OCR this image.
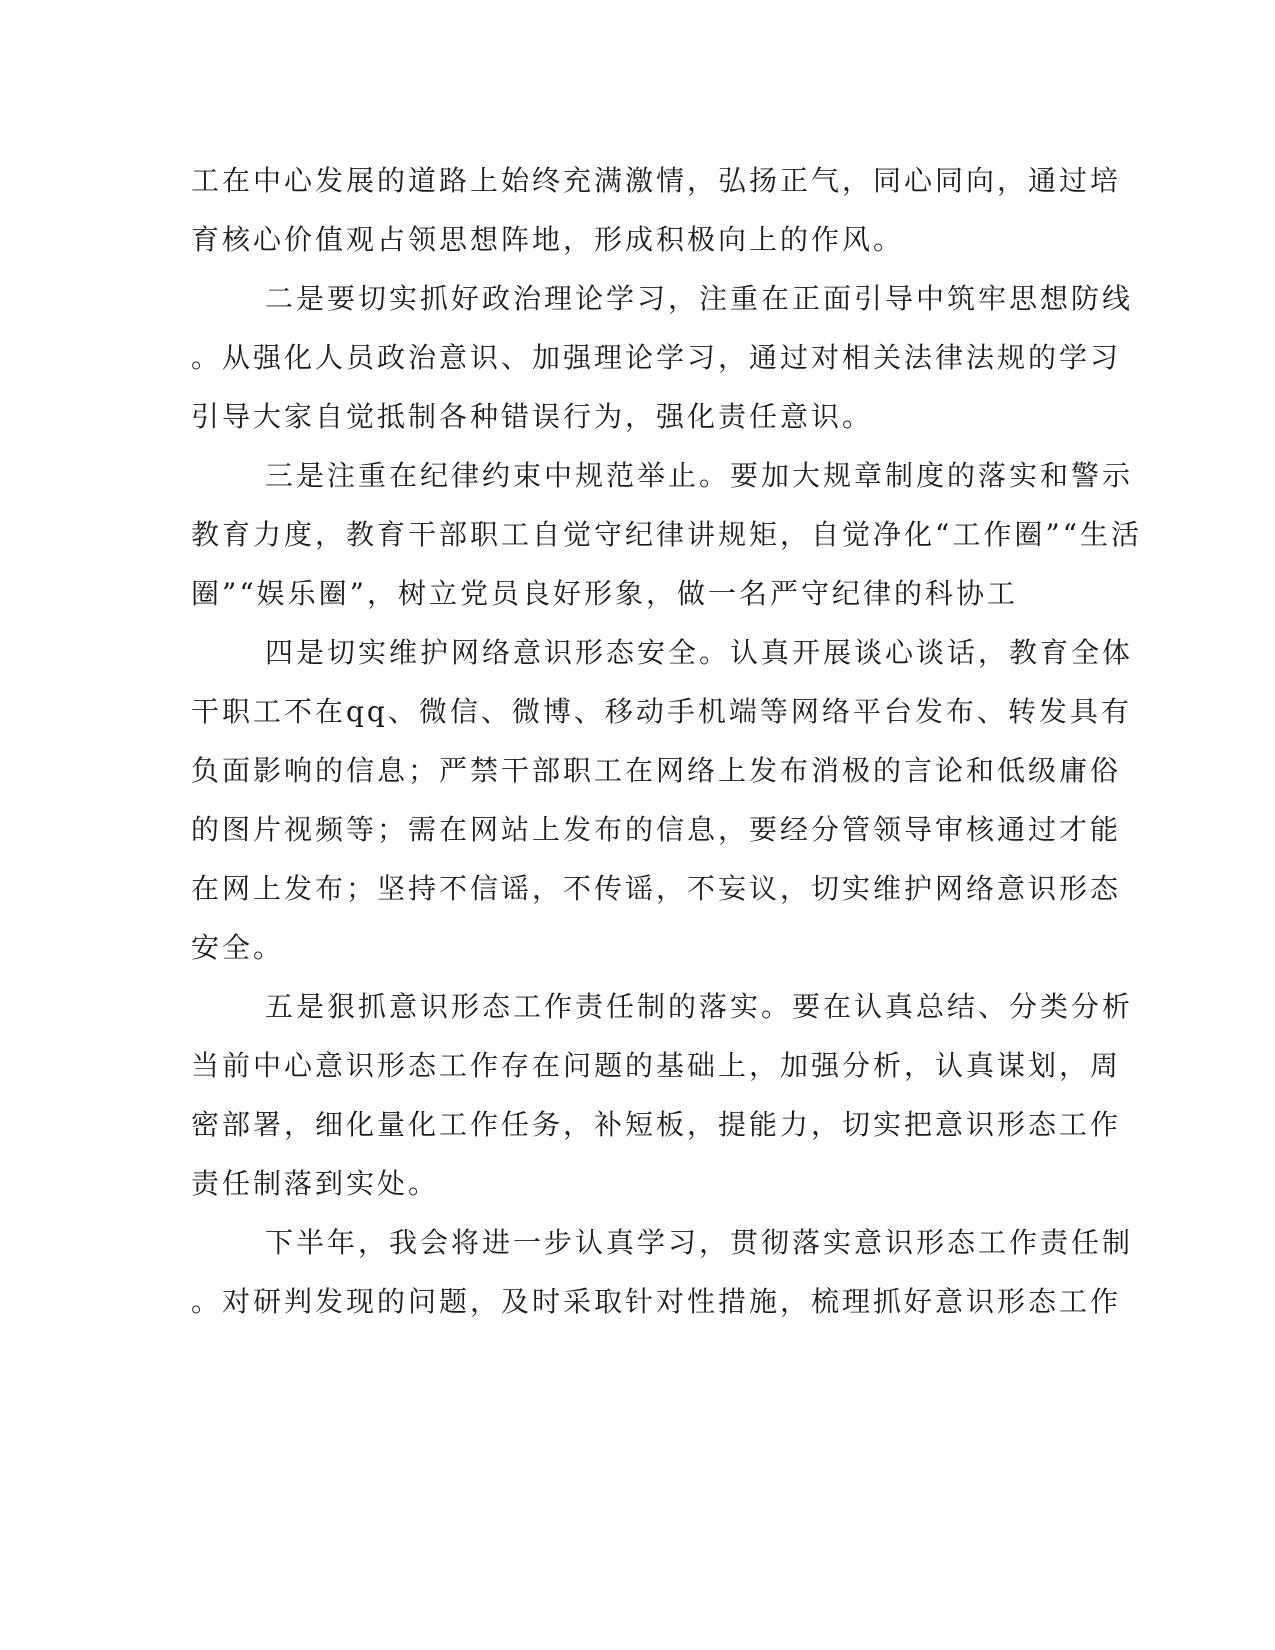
工在中心发展的道路上始终充满激情，弘扬正气，同心同向，通过培
育核心价值观占领思想阵地，形成积极向上的作风。
二是要切实抓好政治理论学习，注重在正面引导中筑牢思想防线
。从强化人员政治意识、加强理论学习，通过对相关法律法规的学习
引导大家自觉抵制各种错误行为，强化责任意识。
三是注重在纪律约束中规范举止。要加大规章制度的落实和警示
教育力度，教育干部职工自觉守纪律讲规矩，自觉净化“工作圈”“生活
圈”“娱乐圈”，树立党员良好形象，做一名严守纪律的科协工
四是切实维护网络意识形态安全。认真开展谈心谈话，教育全体
干职工不在qq、微信、微博、移动手机端等网络平台发布、转发具有
负面影响的信息；严禁干部职工在网络上发布消极的言论和低级庸俗
的图片视频等；需在网站上发布的信息，要经分管领导审核通过才能
在网上发布；坚持不信谣，不传谣，不妄议，切实维护网络意识形态
安全。
五是狠抓意识形态工作责任制的落实。要在认真总结、分类分析
当前中心意识形态工作存在问题的基础上，加强分析，认真谋划，周
密部署，细化量化工作任务，补短板，提能力，切实把意识形态工作
责任制落到实处。
下半年，我会将进一步认真学习，贯彻落实意识形态工作责任制
。对研判发现的问题，及时采取针对性措施，梳理抓好意识形态工作
